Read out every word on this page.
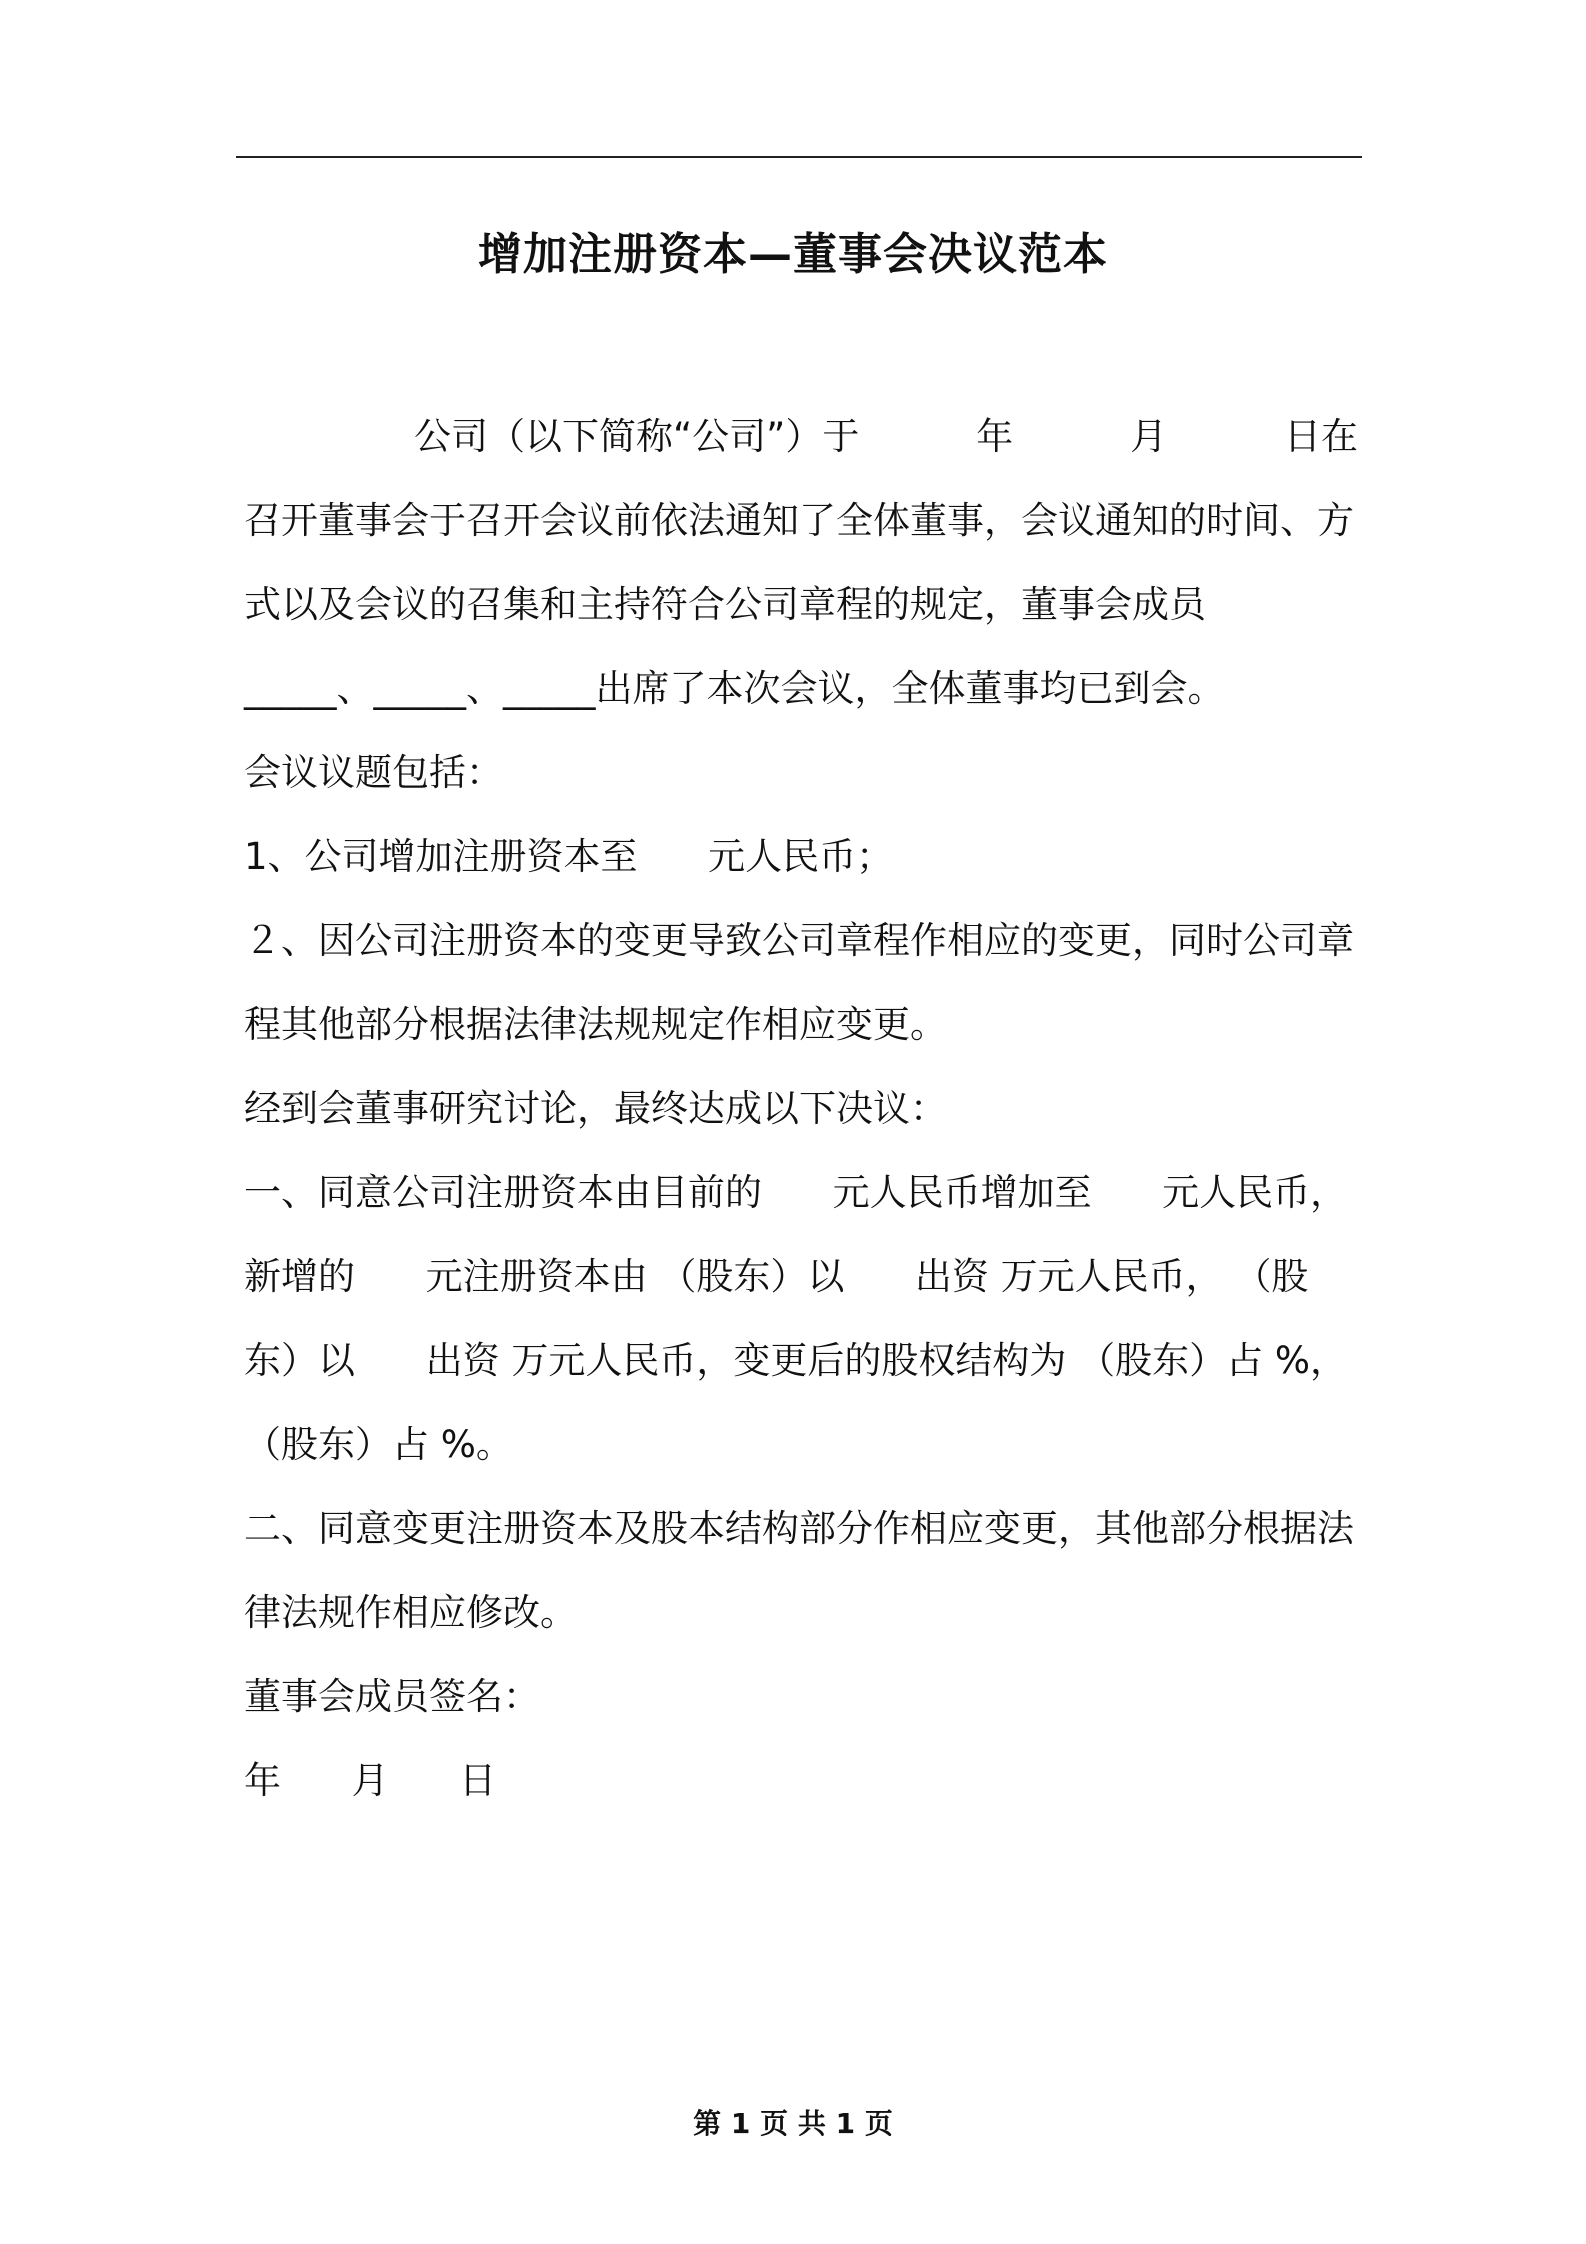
增加注册资本—董事会决议范本
公司（以下简称“公司”）于	年	月	日在
召开董事会于召开会议前依法通知了全体董事，会议通知的时间、方
式以及会议的召集和主持符合公司章程的规定，董事会成员
_____、_____、_____出席了本次会议，全体董事均已到会。
会议议题包括：
1、公司增加注册资本至      元人民币；
２、因公司注册资本的变更导致公司章程作相应的变更，同时公司章
程其他部分根据法律法规规定作相应变更。
经到会董事研究讨论，最终达成以下决议：
一、同意公司注册资本由目前的      元人民币增加至      元人民币，
新增的      元注册资本由 （股东）以      出资 万元人民币， （股
东）以      出资 万元人民币，变更后的股权结构为 （股东）占 %，
（股东）占 %。
二、同意变更注册资本及股本结构部分作相应变更，其他部分根据法
律法规作相应修改。
董事会成员签名：
年      月      日
第 1 页 共 1 页
